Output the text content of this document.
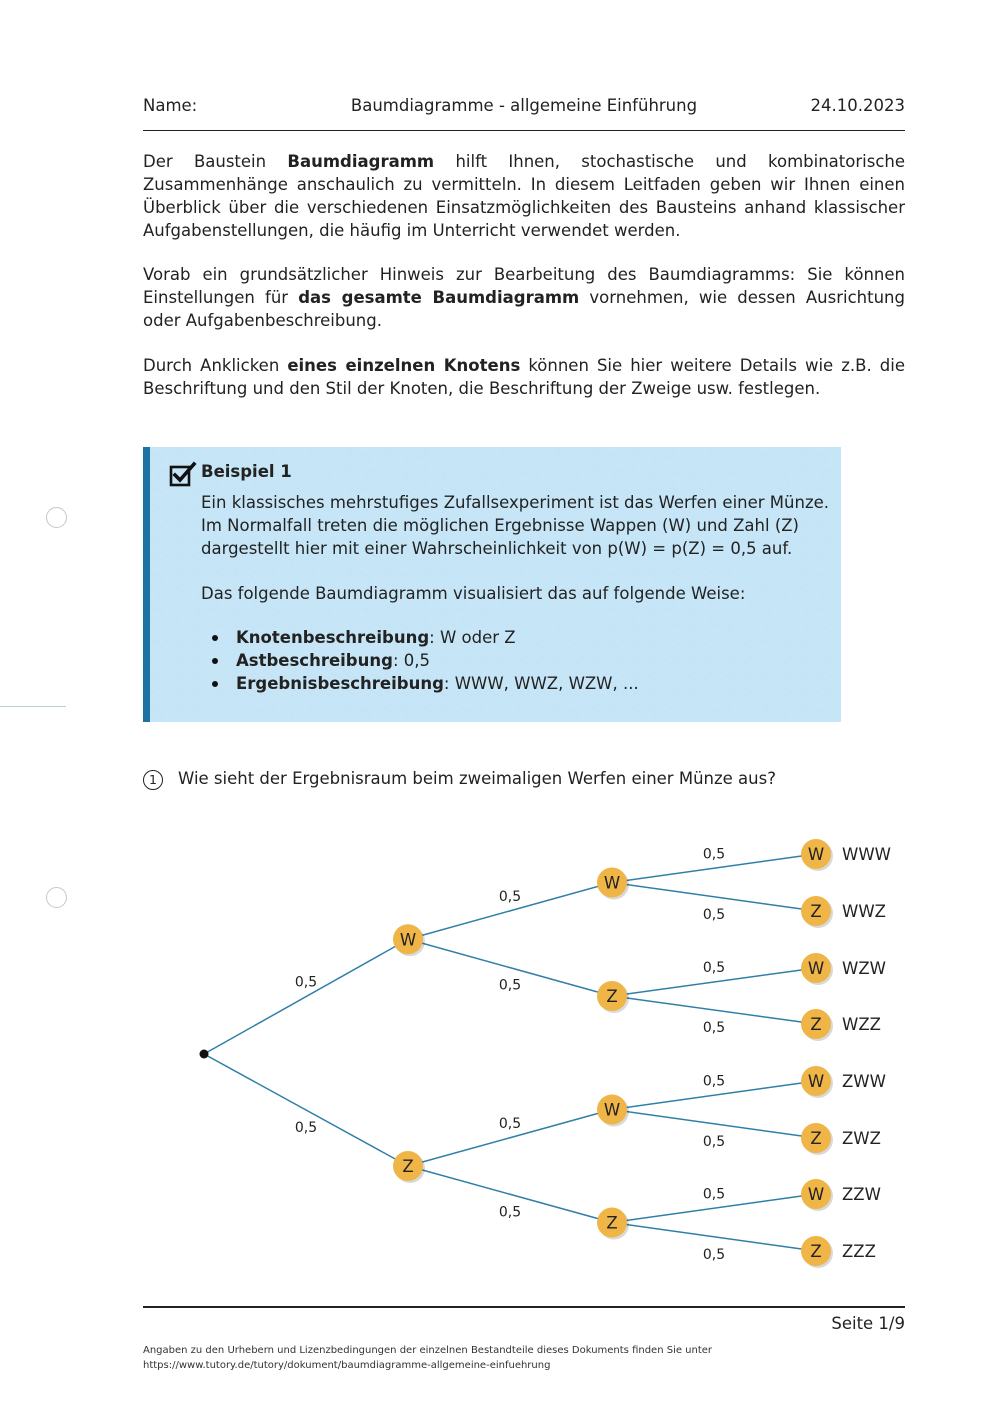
Name:	Baumdiagramme - allgemeine Einführung	24.10.2023

Der Baustein Baumdiagramm hilft Ihnen, stochastische und kombinatorische Zusammenhänge anschaulich zu vermitteln. In diesem Leitfaden geben wir Ihnen einen Überblick über die verschiedenen Einsatzmöglichkeiten des Bausteins anhand klassischer Aufgabenstellungen, die häufig im Unterricht verwendet werden.

Vorab ein grundsätzlicher Hinweis zur Bearbeitung des Baumdiagramms: Sie können Einstellungen für das gesamte Baumdiagramm vornehmen, wie dessen Ausrichtung oder Aufgabenbeschreibung.

Durch Anklicken eines einzelnen Knotens können Sie hier weitere Details wie z.B. die Beschriftung und den Stil der Knoten, die Beschriftung der Zweige usw. festlegen.

Beispiel 1

Ein klassisches mehrstufiges Zufallsexperiment ist das Werfen einer Münze.

Im Normalfall treten die möglichen Ergebnisse Wappen (W) und Zahl (Z)

dargestellt hier mit einer Wahrscheinlichkeit von p(W) = p(Z) = 0,5 auf.

Das folgende Baumdiagramm visualisiert das auf folgende Weise:

Knotenbeschreibung: W oder Z
Astbeschreibung: 0,5
Ergebnisbeschreibung: WWW, WWZ, WZW, ...
1	Wie sieht der Ergebnisraum beim zweimaligen Werfen einer Münze aus?
0,5
0,5
0,5
0,5
0,5
0,5
0,5	WWW
0,5	WWZ
0,5	WZW
0,5	WZZ
0,5	ZWW
0,5	ZWZ
0,5	ZZW
0,5	ZZZ
W
Z
W
Z
W
Z
W
Z
W
Z
W
Z
W
Z
Seite 1/9
Angaben zu den Urhebern und Lizenzbedingungen der einzelnen Bestandteile dieses Dokuments finden Sie unter
https://www.tutory.de/tutory/dokument/baumdiagramme-allgemeine-einfuehrung
